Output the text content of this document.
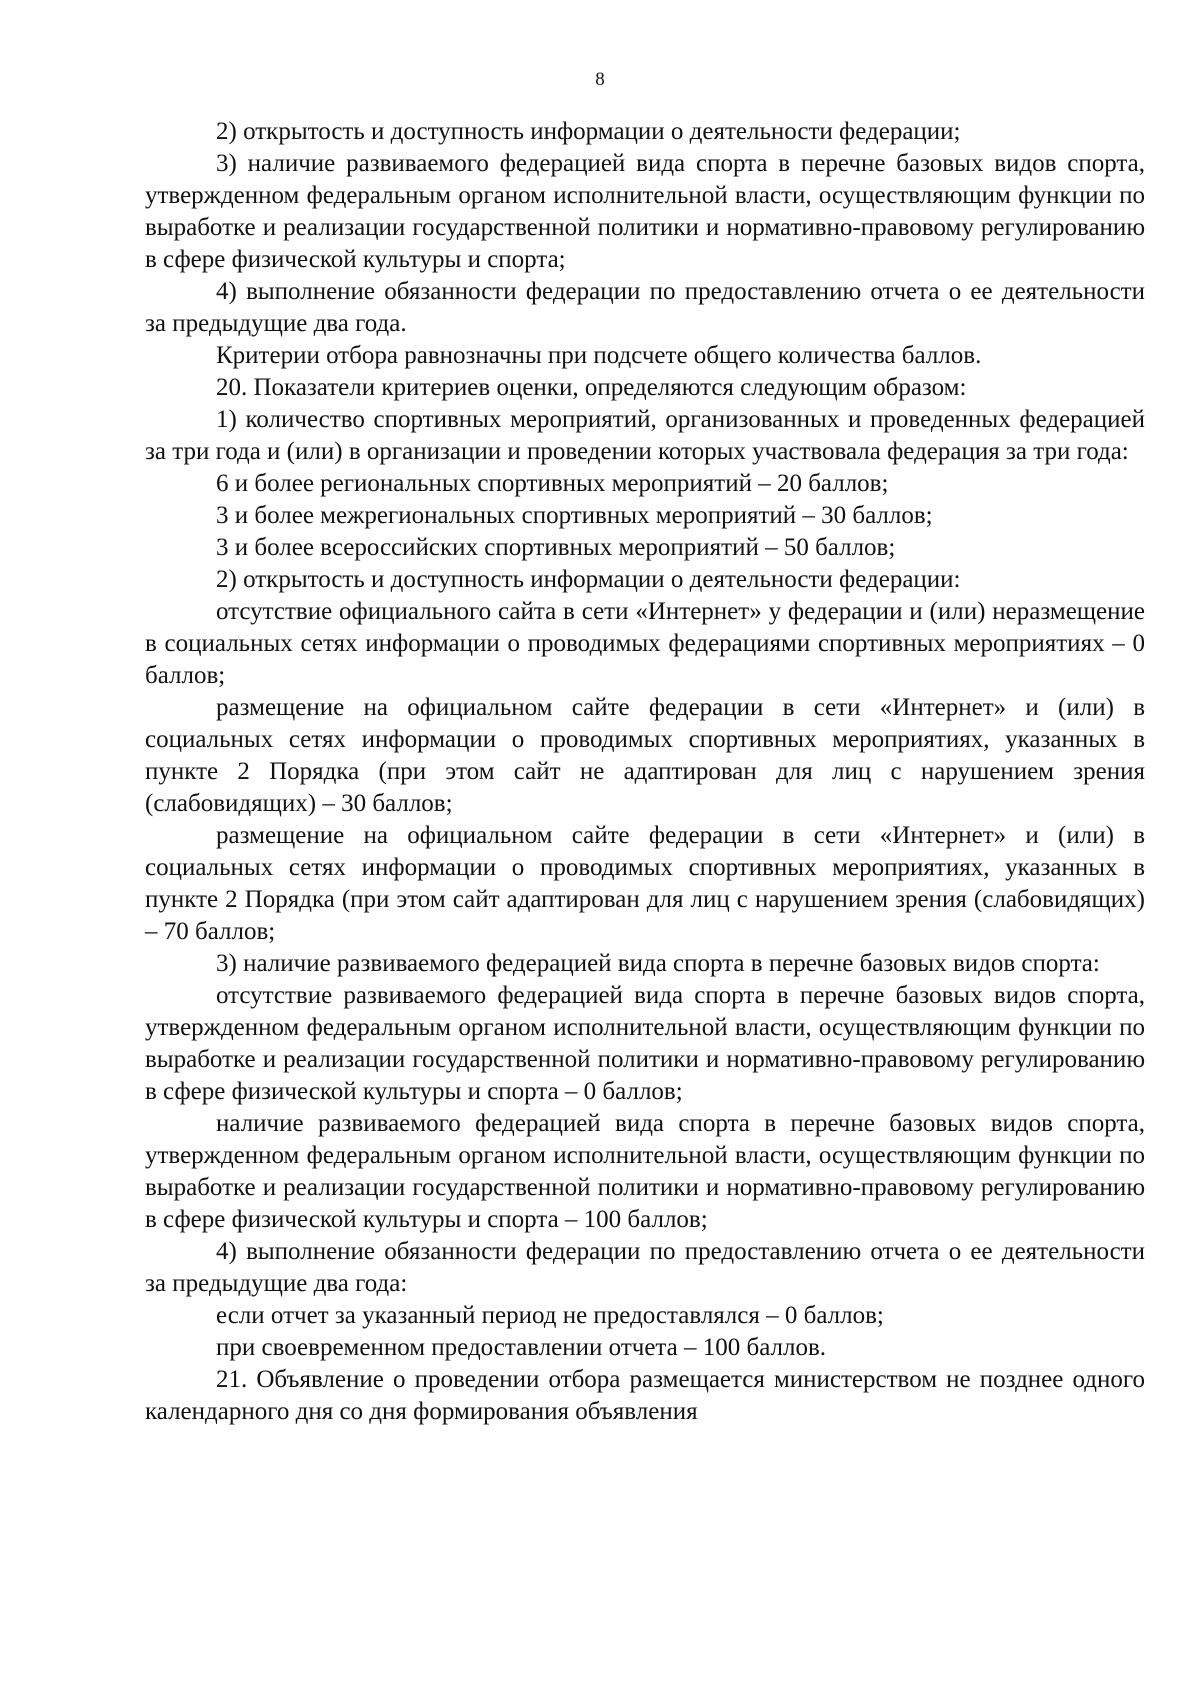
8

2) открытость и доступность информации о деятельности федерации;

3) наличие развиваемого федерацией вида спорта в перечне базовых видов спорта, утвержденном федеральным органом исполнительной власти, осуществляющим функции по выработке и реализации государственной политики и нормативно-правовому регулированию в сфере физической культуры и спорта;

4) выполнение обязанности федерации по предоставлению отчета о ее деятельности за предыдущие два года.

Критерии отбора равнозначны при подсчете общего количества баллов.

20. Показатели критериев оценки, определяются следующим образом:

1) количество спортивных мероприятий, организованных и проведенных федерацией за три года и (или) в организации и проведении которых участвовала федерация за три года:

6 и более региональных спортивных мероприятий – 20 баллов;

3 и более межрегиональных спортивных мероприятий – 30 баллов;

3 и более всероссийских спортивных мероприятий – 50 баллов;

2) открытость и доступность информации о деятельности федерации:

отсутствие официального сайта в сети «Интернет» у федерации и (или) неразмещение в социальных сетях информации о проводимых федерациями спортивных мероприятиях – 0 баллов;

размещение на официальном сайте федерации в сети «Интернет» и (или) в социальных сетях информации о проводимых спортивных мероприятиях, указанных в пункте 2 Порядка (при этом сайт не адаптирован для лиц с нарушением зрения (слабовидящих) – 30 баллов;

размещение на официальном сайте федерации в сети «Интернет» и (или) в социальных сетях информации о проводимых спортивных мероприятиях, указанных в пункте 2 Порядка (при этом сайт адаптирован для лиц с нарушением зрения (слабовидящих) – 70 баллов;

3) наличие развиваемого федерацией вида спорта в перечне базовых видов спорта:

отсутствие развиваемого федерацией вида спорта в перечне базовых видов спорта, утвержденном федеральным органом исполнительной власти, осуществляющим функции по выработке и реализации государственной политики и нормативно-правовому регулированию в сфере физической культуры и спорта – 0 баллов;

наличие развиваемого федерацией вида спорта в перечне базовых видов спорта, утвержденном федеральным органом исполнительной власти, осуществляющим функции по выработке и реализации государственной политики и нормативно-правовому регулированию в сфере физической культуры и спорта – 100 баллов;

4) выполнение обязанности федерации по предоставлению отчета о ее деятельности за предыдущие два года:

если отчет за указанный период не предоставлялся – 0 баллов;

при своевременном предоставлении отчета – 100 баллов.

21. Объявление о проведении отбора размещается министерством не позднее одного календарного дня со дня формирования объявления
